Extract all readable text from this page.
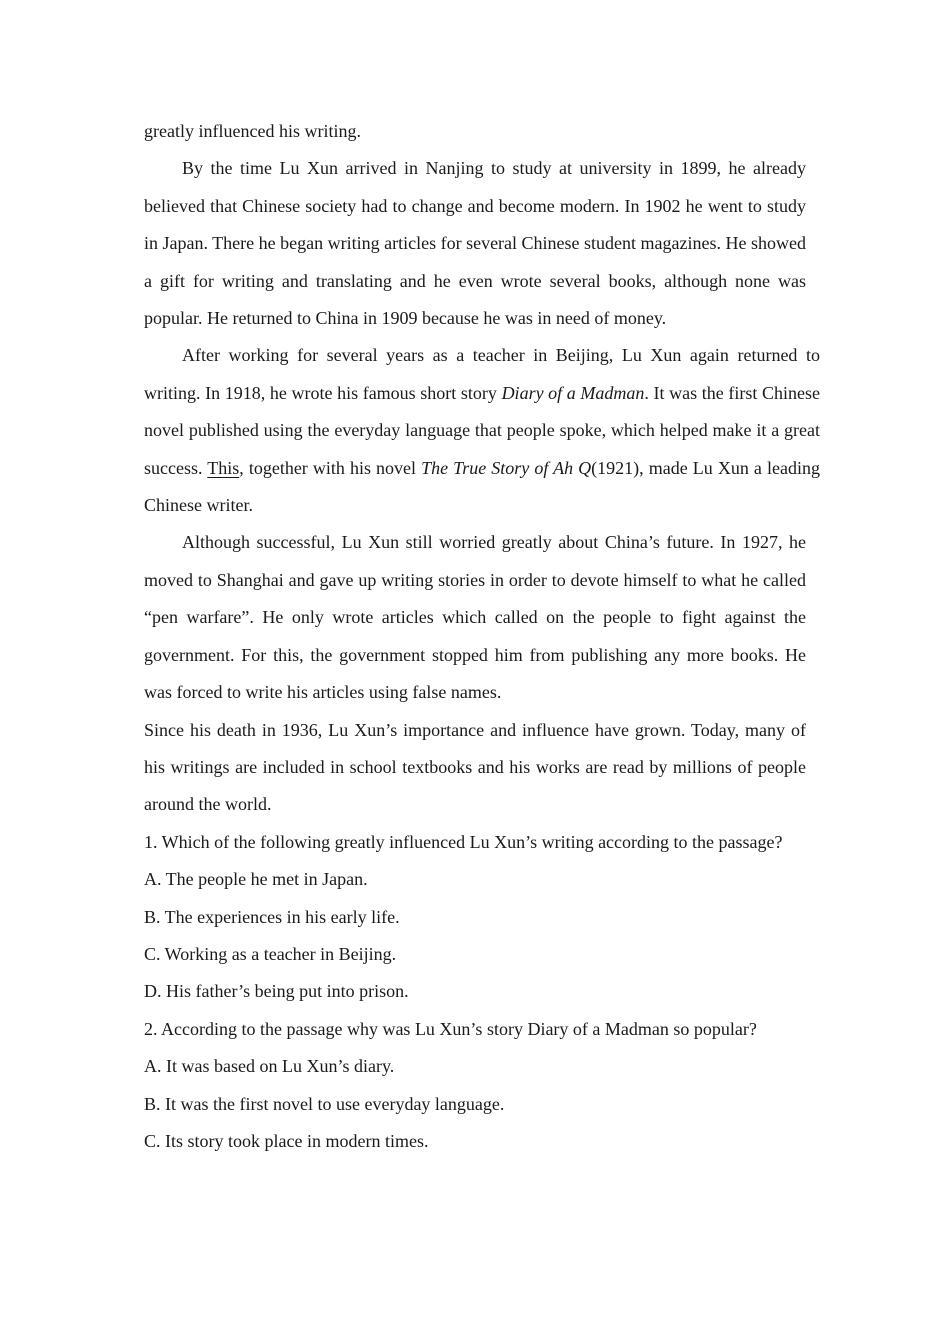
greatly influenced his writing.

By the time Lu Xun arrived in Nanjing to study at university in 1899, he already believed that Chinese society had to change and become modern. In 1902 he went to study in Japan. There he began writing articles for several Chinese student magazines. He showed a gift for writing and translating and he even wrote several books, although none was popular. He returned to China in 1909 because he was in need of money.

After working for several years as a teacher in Beijing, Lu Xun again returned to writing. In 1918, he wrote his famous short story Diary of a Madman. It was the first Chinese novel published using the everyday language that people spoke, which helped make it a great success. This, together with his novel The True Story of Ah Q(1921), made Lu Xun a leading Chinese writer.

Although successful, Lu Xun still worried greatly about China’s future. In 1927, he moved to Shanghai and gave up writing stories in order to devote himself to what he called “pen warfare”. He only wrote articles which called on the people to fight against the government. For this, the government stopped him from publishing any more books. He was forced to write his articles using false names.

Since his death in 1936, Lu Xun’s importance and influence have grown. Today, many of his writings are included in school textbooks and his works are read by millions of people around the world.

1. Which of the following greatly influenced Lu Xun’s writing according to the passage?

A. The people he met in Japan.

B. The experiences in his early life.

C. Working as a teacher in Beijing.

D. His father’s being put into prison.

2. According to the passage why was Lu Xun’s story Diary of a Madman so popular?

A. It was based on Lu Xun’s diary.

B. It was the first novel to use everyday language.

C. Its story took place in modern times.
